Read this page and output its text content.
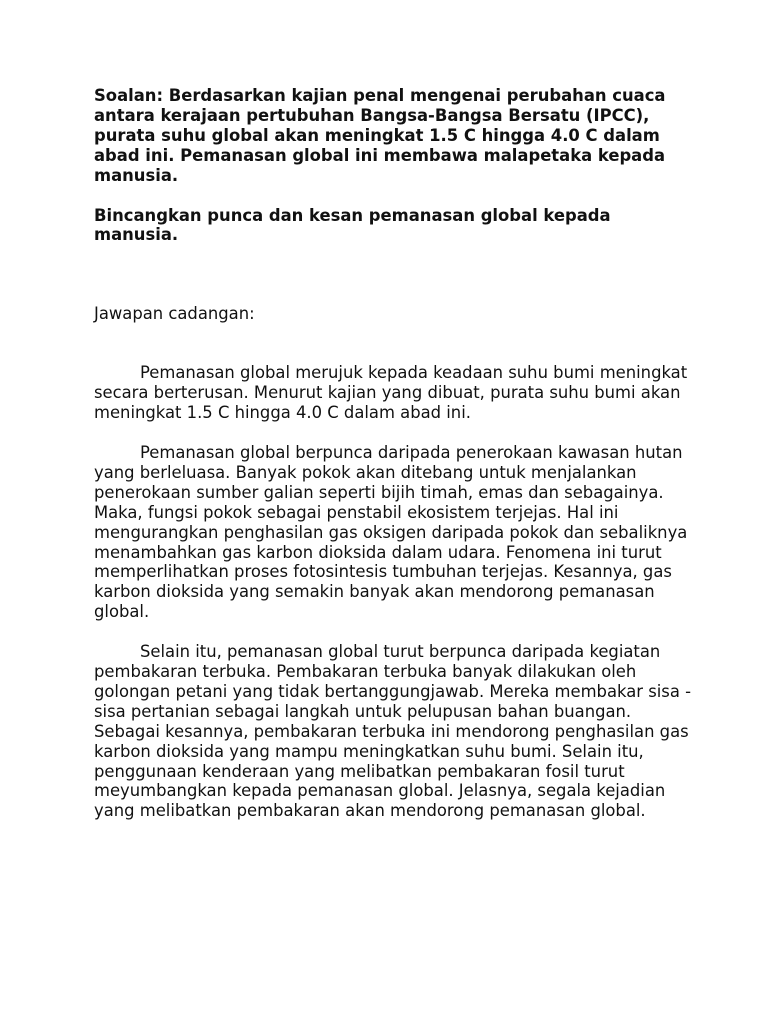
Soalan: Berdasarkan kajian penal mengenai perubahan cuaca antara kerajaan pertubuhan Bangsa-Bangsa Bersatu (IPCC), purata suhu global akan meningkat 1.5 C hingga 4.0 C dalam abad ini. Pemanasan global ini membawa malapetaka kepada manusia.

Bincangkan punca dan kesan pemanasan global kepada manusia.

Jawapan cadangan:

Pemanasan global merujuk kepada keadaan suhu bumi meningkat secara berterusan. Menurut kajian yang dibuat, purata suhu bumi akan meningkat 1.5 C hingga 4.0 C dalam abad ini.

Pemanasan global berpunca daripada penerokaan kawasan hutan yang berleluasa. Banyak pokok akan ditebang untuk menjalankan penerokaan sumber galian seperti bijih timah, emas dan sebagainya. Maka, fungsi pokok sebagai penstabil ekosistem terjejas. Hal ini mengurangkan penghasilan gas oksigen daripada pokok dan sebaliknya menambahkan gas karbon dioksida dalam udara. Fenomena ini turut memperlihatkan proses fotosintesis tumbuhan terjejas. Kesannya, gas karbon dioksida yang semakin banyak akan mendorong pemanasan global.

Selain itu, pemanasan global turut berpunca daripada kegiatan pembakaran terbuka. Pembakaran terbuka banyak dilakukan oleh golongan petani yang tidak bertanggungjawab. Mereka membakar sisa - sisa pertanian sebagai langkah untuk pelupusan bahan buangan. Sebagai kesannya, pembakaran terbuka ini mendorong penghasilan gas karbon dioksida yang mampu meningkatkan suhu bumi. Selain itu, penggunaan kenderaan yang melibatkan pembakaran fosil turut meyumbangkan kepada pemanasan global. Jelasnya, segala kejadian yang melibatkan pembakaran akan mendorong pemanasan global.
